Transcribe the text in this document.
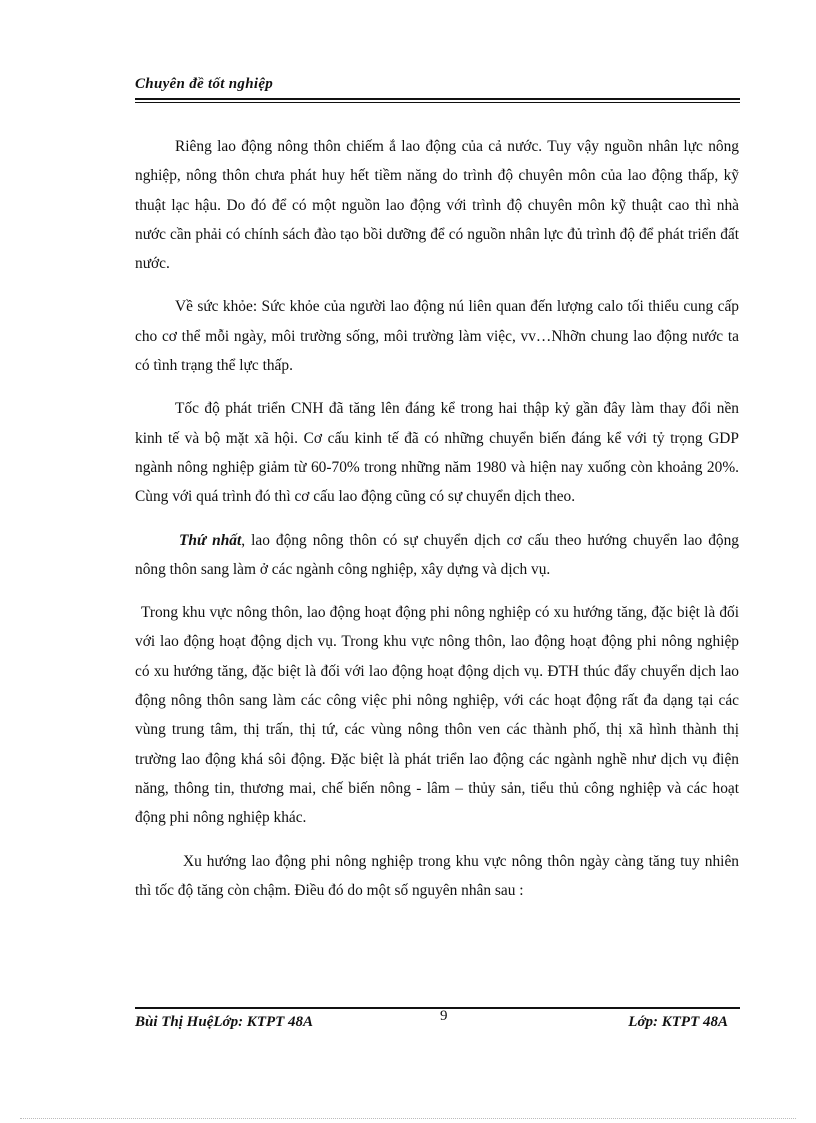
Chuyên đề tốt nghiệp

Riêng lao động nông thôn chiếm ắ lao động của cả nước. Tuy vậy nguồn nhân lực nông nghiệp, nông thôn chưa phát huy hết tiềm năng do trình độ chuyên môn của lao động thấp, kỹ thuật lạc hậu. Do đó để có một nguồn lao động với trình độ chuyên môn kỹ thuật cao thì nhà nước cần phải có chính sách đào tạo bồi dưỡng để có nguồn nhân lực đủ trình độ để phát triển đất nước.

Về sức khỏe: Sức khỏe của người lao động nú liên quan đến lượng calo tối thiểu cung cấp cho cơ thể mỗi ngày, môi trường sống, môi trường làm việc, vv…Nhỡn chung lao động nước ta có tình trạng thể lực thấp.

Tốc độ phát triển CNH đã tăng lên đáng kể trong hai thập kỷ gần đây làm thay đổi nền kinh tế và bộ mặt xã hội. Cơ cấu kinh tế đã có những chuyển biến đáng kể với tỷ trọng GDP ngành nông nghiệp giảm từ 60-70% trong những năm 1980 và hiện nay xuống còn khoảng 20%. Cùng với quá trình đó thì cơ cấu lao động cũng có sự chuyển dịch theo.

Thứ nhất, lao động nông thôn có sự chuyển dịch cơ cấu theo hướng chuyển lao động nông thôn sang làm ở các ngành công nghiệp, xây dựng và dịch vụ.

Trong khu vực nông thôn, lao động hoạt động phi nông nghiệp có xu hướng tăng, đặc biệt là đối với lao động hoạt động dịch vụ. Trong khu vực nông thôn, lao động hoạt động phi nông nghiệp có xu hướng tăng, đặc biệt là đối với lao động hoạt động dịch vụ. ĐTH thúc đẩy chuyển dịch lao động nông thôn sang làm các công việc phi nông nghiệp, với các hoạt động rất đa dạng tại các vùng trung tâm, thị trấn, thị tứ, các vùng nông thôn ven các thành phố, thị xã hình thành thị trường lao động khá sôi động. Đặc biệt là phát triển lao động các ngành nghề như dịch vụ điện năng, thông tin, thương mai, chế biến nông - lâm – thủy sản, tiểu thủ công nghiệp và các hoạt động phi nông nghiệp khác.

Xu hướng lao động phi nông nghiệp trong khu vực nông thôn ngày càng tăng tuy nhiên thì tốc độ tăng còn chậm. Điều đó do một số nguyên nhân sau :

Bùi Thị HuệLớp: KTPT 48A	9	Lớp: KTPT 48A
